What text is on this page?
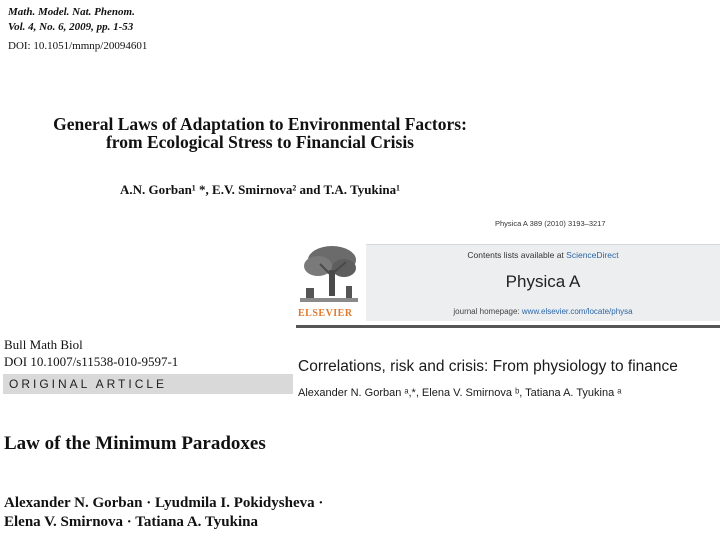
Math. Model. Nat. Phenom.
Vol. 4, No. 6, 2009, pp. 1-53
DOI: 10.1051/mmnp/20094601
General Laws of Adaptation to Environmental Factors:
from Ecological Stress to Financial Crisis
A.N. Gorban¹ *, E.V. Smirnova² and T.A. Tyukina¹
Physica A 389 (2010) 3193–3217
ELSEVIER
Contents lists available at ScienceDirect
Physica A
journal homepage: www.elsevier.com/locate/physa
Correlations, risk and crisis: From physiology to finance
Alexander N. Gorban ᵃ,*, Elena V. Smirnova ᵇ, Tatiana A. Tyukina ᵃ
Bull Math Biol
DOI 10.1007/s11538-010-9597-1
ORIGINAL ARTICLE
Law of the Minimum Paradoxes
Alexander N. Gorban · Lyudmila I. Pokidysheva ·
Elena V. Smirnova · Tatiana A. Tyukina
